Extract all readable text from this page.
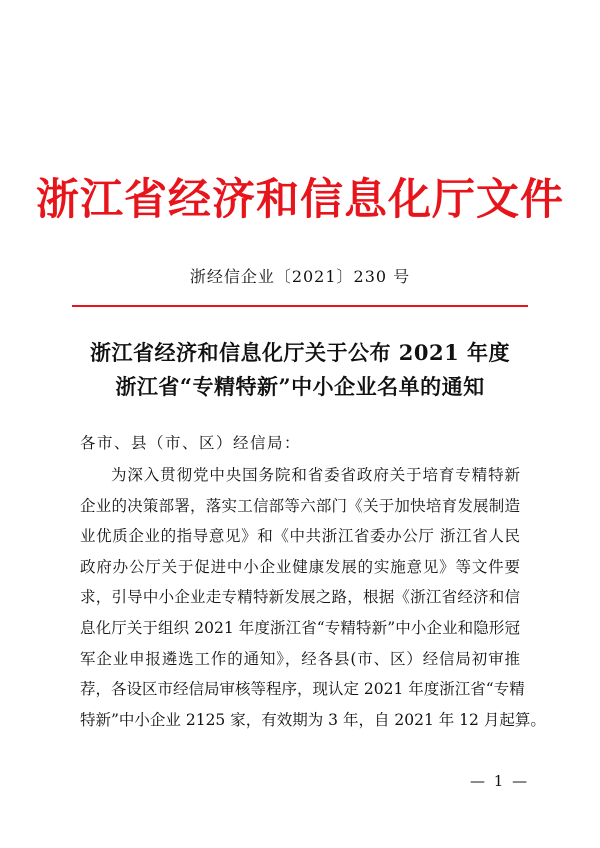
浙江省经济和信息化厅文件
浙经信企业〔2021〕230 号
浙江省经济和信息化厅关于公布 2021 年度
浙江省“专精特新”中小企业名单的通知
各市、县（市、区）经信局：
为深入贯彻党中央国务院和省委省政府关于培育专精特新
企业的决策部署，落实工信部等六部门《关于加快培育发展制造
业优质企业的指导意见》和《中共浙江省委办公厅 浙江省人民
政府办公厅关于促进中小企业健康发展的实施意见》等文件要
求，引导中小企业走专精特新发展之路，根据《浙江省经济和信
息化厅关于组织 2021 年度浙江省“专精特新”中小企业和隐形冠
军企业申报遴选工作的通知》，经各县(市、区）经信局初审推
荐，各设区市经信局审核等程序，现认定 2021 年度浙江省“专精
特新”中小企业 2125 家，有效期为 3 年，自 2021 年 12 月起算。
— 1 —
